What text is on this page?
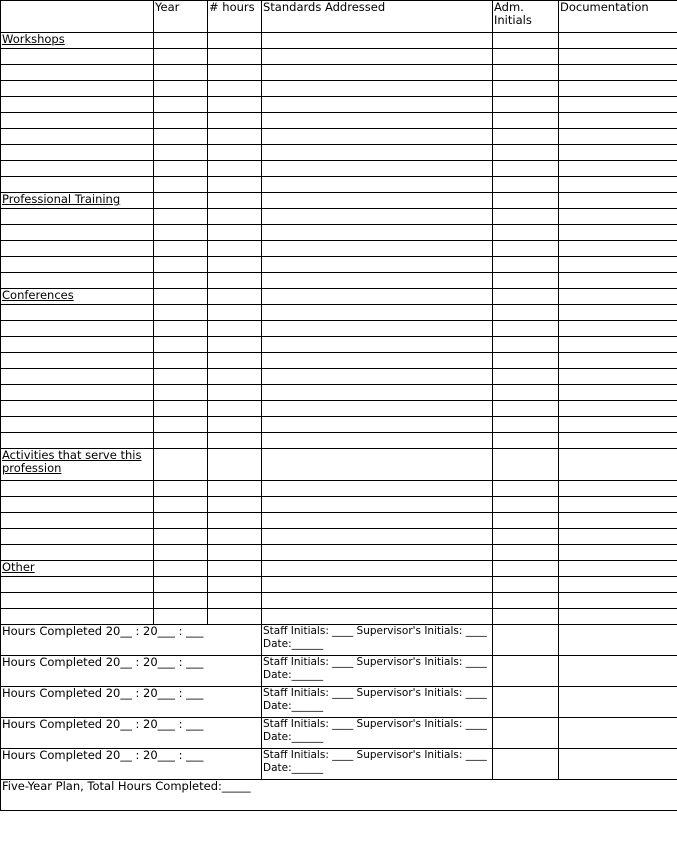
	Year	# hours	Standards Addressed	Adm. Initials	Documentation
Workshops					

Professional Training					

Conferences					

Activities that serve this profession					

Other					

Hours Completed 20__ : 20___ : ___			Staff Initials: ____ Supervisor's Initials: ____ Date:______		
Hours Completed 20__ : 20___ : ___			Staff Initials: ____ Supervisor's Initials: ____ Date:______		
Hours Completed 20__ : 20___ : ___			Staff Initials: ____ Supervisor's Initials: ____ Date:______		
Hours Completed 20__ : 20___ : ___			Staff Initials: ____ Supervisor's Initials: ____ Date:______		
Hours Completed 20__ : 20___ : ___			Staff Initials: ____ Supervisor's Initials: ____ Date:______		
Five-Year Plan, Total Hours Completed:_____					
